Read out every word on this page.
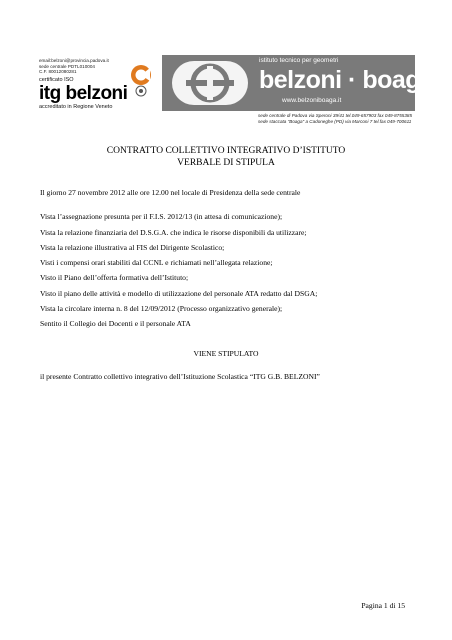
email:belzoni@provincia.padova.it
sede centrale PDTL010004
C.F. 80012080281
certificato ISO
itg belzoni
accreditato in Regione Veneto
istituto tecnico per geometri
belzoni · boaga
www.belzoniboaga.it
sede centrale di Padova via Speroni 39/41 tel.049-657903 fax 049-8755385
sede staccata "Boaga" a Cadoneghe (PD) via Marconi 7 tel.fax 049-700611
CONTRATTO COLLETTIVO INTEGRATIVO D’ISTITUTO
VERBALE DI STIPULA
Il giorno 27 novembre 2012 alle ore 12.00 nel locale di Presidenza della sede centrale
Vista l’assegnazione presunta per il F.I.S. 2012/13 (in attesa di comunicazione);
Vista la relazione finanziaria del D.S.G.A. che indica le risorse disponibili da utilizzare;
Vista la relazione illustrativa al FIS del Dirigente Scolastico;
Visti i compensi orari stabiliti dal CCNL e richiamati nell’allegata relazione;
Visto il Piano dell’offerta formativa dell’Istituto;
Visto il piano delle attività e modello di utilizzazione del personale ATA redatto dal DSGA;
Vista la circolare interna n. 8 del 12/09/2012 (Processo organizzativo generale);
Sentito il Collegio dei Docenti e il personale ATA
VIENE STIPULATO
il presente Contratto collettivo integrativo dell’Istituzione Scolastica “ITG G.B. BELZONI”
Pagina 1 di 15
